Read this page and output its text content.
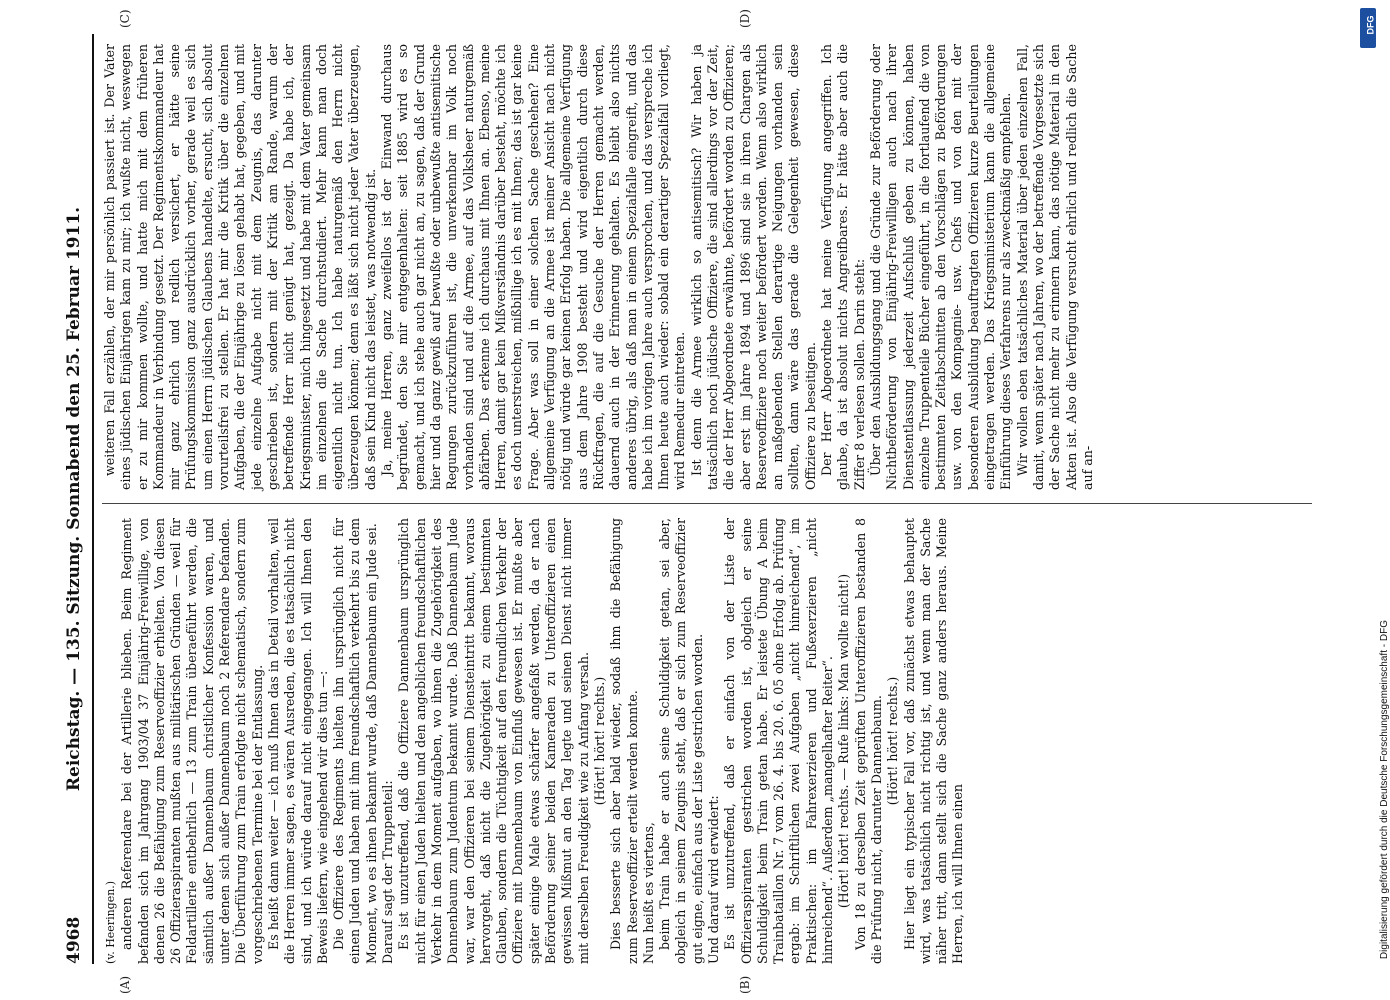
4968
Reichstag. — 135. Sitzung. Sonnabend den 25. Februar 1911.
(A)	(B)
(C)	(D)

(v. Heeringen.) anderen Referendare bei der Artillerie blieben. Beim Regiment befanden sich im Jahrgang 1903/04 37 Einjährig-Freiwillige, von denen 26 die Befähigung zum Reserveoffizier erhielten. Von diesen 26 Offizieraspiranten mußten aus militärischen Gründen — weil für Feldartillerie entbehrlich — 13 zum Train überaeführt werden, die sämtlich außer Dannenbaum christlicher Konfession waren, und unter denen sich außer Dannenbaum noch 2 Referendare befanden. Die Überführung zum Train erfolgte nicht schematisch, sondern zum vorgeschriebenen Termine bei der Entlassung. Es heißt dann weiter — ich muß Ihnen das in Detail vorhalten, weil die Herren immer sagen, es wären Ausreden, die es tatsächlich nicht sind, und ich würde darauf nicht eingegangen. Ich will Ihnen den Beweis liefern, wie eingehend wir dies tun —: Die Offiziere des Regiments hielten ihn ursprünglich nicht für einen Juden und haben mit ihm freundschaftlich verkehrt bis zu dem Moment, wo es ihnen bekannt wurde, daß Dannenbaum ein Jude sei. Darauf sagt der Truppenteil: Es ist unzutreffend, daß die Offiziere Dannenbaum ursprünglich nicht für einen Juden hielten und den angeblichen freundschaftlichen Verkehr in dem Moment aufgaben, wo ihnen die Zugehörigkeit des Dannenbaum zum Judentum bekannt wurde. Daß Dannenbaum Jude war, war den Offizieren bei seinem Diensteintritt bekannt, woraus hervorgeht, daß nicht die Zugehörigkeit zu einem bestimmten Glauben, sondern die Tüchtigkeit auf den freundlichen Verkehr der Offiziere mit Dannenbaum von Einfluß gewesen ist. Er mußte aber später einige Male etwas schärfer angefaßt werden, da er nach Beförderung seiner beiden Kameraden zu Unteroffizieren einen gewissen Mißmut an den Tag legte und seinen Dienst nicht immer mit derselben Freudigkeit wie zu Anfang versah. (Hört! hört! rechts.) Dies besserte sich aber bald wieder, sodaß ihm die Befähigung zum Reserveoffizier erteilt werden konnte. Nun heißt es viertens, beim Train habe er auch seine Schuldigkeit getan, sei aber, obgleich in seinem Zeugnis steht, daß er sich zum Reserveoffizier gut eigne, einfach aus der Liste gestrichen worden. Und darauf wird erwidert: Es ist unzutreffend, daß er einfach von der Liste der Offizieraspiranten gestrichen worden ist, obgleich er seine Schuldigkeit beim Train getan habe. Er leistete Übung A beim Trainbataillon Nr. 7 vom 26. 4. bis 20. 6. 05 ohne Erfolg ab. Prüfung ergab: im Schriftlichen zwei Aufgaben „nicht hinreichend“, im Praktischen: im Fahrexerzieren und Fußexerzieren „nicht hinreichend“. Außerdem „mangelhafter Reiter“. (Hört! hört! rechts. — Rufe links: Man wollte nicht!) Von 18 zu derselben Zeit geprüften Unteroffizieren bestanden 8 die Prüfung nicht, darunter Dannenbaum. (Hört! hört! rechts.) Hier liegt ein typischer Fall vor, daß zunächst etwas behauptet wird, was tatsächlich nicht richtig ist, und wenn man der Sache näher tritt, dann stellt sich die Sache ganz anders heraus. Meine Herren, ich will Ihnen einen

weiteren Fall erzählen, der mir persönlich passiert ist. Der Vater eines jüdischen Einjährigen kam zu mir; ich wußte nicht, weswegen er zu mir kommen wollte, und hatte mich mit dem früheren Kommandeur in Verbindung gesetzt. Der Regimentskommandeur hat mir ganz ehrlich und redlich versichert, er hätte seine Prüfungskommission ganz ausdrücklich vorher, gerade weil es sich um einen Herrn jüdischen Glaubens handelte, ersucht, sich absolut vorurteilsfrei zu stellen. Er hat mir die Kritik über die einzelnen Aufgaben, die der Einjährige zu lösen gehabt hat, gegeben, und mit jede einzelne Aufgabe nicht mit dem Zeugnis, das darunter geschrieben ist, sondern mit der Kritik am Rande, warum der betreffende Herr nicht genügt hat, gezeigt. Da habe ich, der Kriegsminister, mich hingesetzt und habe mit dem Vater gemeinsam im einzelnen die Sache durchstudiert. Mehr kann man doch eigentlich nicht tun. Ich habe naturgemäß den Herrn nicht überzeugen können; denn es läßt sich nicht jeder Vater überzeugen, daß sein Kind nicht das leistet, was notwendig ist. Ja, meine Herren, ganz zweifellos ist der Einwand durchaus begründet, den Sie mir entgegenhalten: seit 1885 wird es so gemacht, und ich stehe auch gar nicht an, zu sagen, daß der Grund hier und da ganz gewiß auf bewußte oder unbewußte antisemitische Regungen zurückzuführen ist, die unverkennbar im Volk noch vorhanden sind und auf die Armee, auf das Volksheer naturgemäß abfärben. Das erkenne ich durchaus mit Ihnen an. Ebenso, meine Herren, damit gar kein Mißverständnis darüber besteht, möchte ich es doch unterstreichen, mißbillige ich es mit Ihnen; das ist gar keine Frage. Aber was soll in einer solchen Sache geschehen? Eine allgemeine Verfügung an die Armee ist meiner Ansicht nach nicht nötig und würde gar keinen Erfolg haben. Die allgemeine Verfügung aus dem Jahre 1908 besteht und wird eigentlich durch diese Rückfragen, die auf die Gesuche der Herren gemacht werden, dauernd auch in der Erinnerung gehalten. Es bleibt also nichts anderes übrig, als daß man in einem Spezialfalle eingreift, und das habe ich im vorigen Jahre auch versprochen, und das verspreche ich Ihnen heute auch wieder: sobald ein derartiger Spezialfall vorliegt, wird Remedur eintreten. Ist denn die Armee wirklich so antisemitisch? Wir haben ja tatsächlich noch jüdische Offiziere, die sind allerdings vor der Zeit, die der Herr Abgeordnete erwähnte, befördert worden zu Offizieren; aber erst im Jahre 1894 und 1896 sind sie in ihren Chargen als Reserveoffiziere noch weiter befördert worden. Wenn also wirklich an maßgebenden Stellen derartige Neigungen vorhanden sein sollten, dann wäre das gerade die Gelegenheit gewesen, diese Offiziere zu beseitigen. Der Herr Abgeordnete hat meine Verfügung angegriffen. Ich glaube, da ist absolut nichts Angreifbares. Er hätte aber auch die Ziffer 8 verlesen sollen. Darin steht: Über den Ausbildungsgang und die Gründe zur Beförderung oder Nichtbeförderung von Einjährig-Freiwilligen auch nach ihrer Dienstentlassung jederzeit Aufschluß geben zu können, haben einzelne Truppenteile Bücher eingeführt, in die fortlaufend die von bestimmten Zeitabschnitten ab den Vorschlägen zu Beförderungen usw. von den Kompagnie- usw. Chefs und von den mit der besonderen Ausbildung beauftragten Offizieren kurze Beurteilungen eingetragen werden. Das Kriegsministerium kann die allgemeine Einführung dieses Verfahrens nur als zweckmäßig empfehlen. Wir wollen eben tatsächliches Material über jeden einzelnen Fall, damit, wenn später nach Jahren, wo der betreffende Vorgesetzte sich der Sache nicht mehr zu erinnern kann, das nötige Material in den Akten ist. Also die Verfügung versucht ehrlich und redlich die Sache auf an-

DFG
Digitalisierung gefördert durch die Deutsche Forschungsgemeinschaft - DFG
